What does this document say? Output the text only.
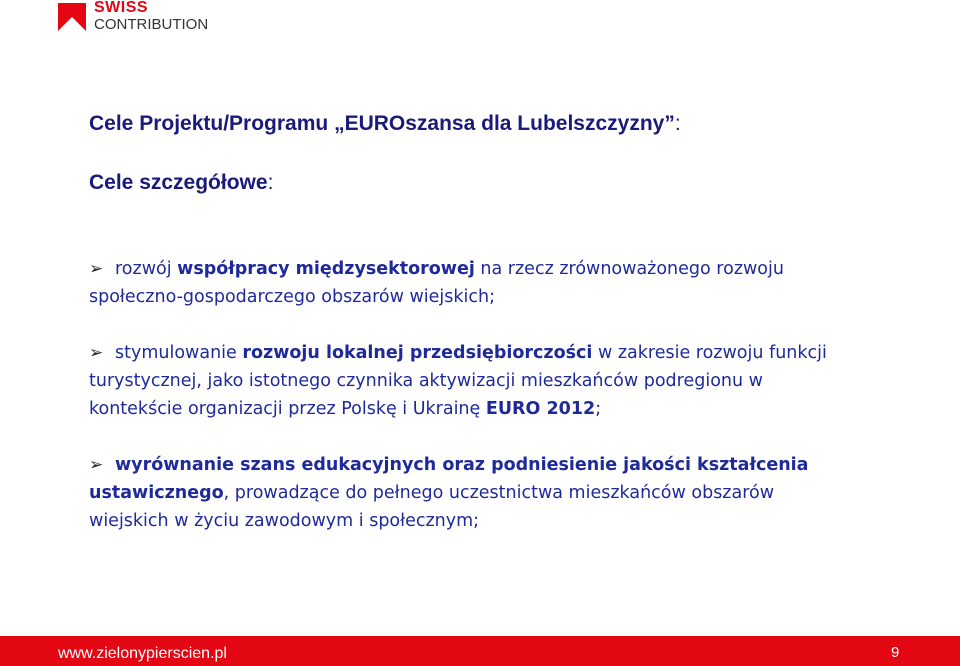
SWISS
CONTRIBUTION
Cele Projektu/Programu „EUROszansa dla Lubelszczyzny”:
Cele szczegółowe:
➢ rozwój współpracy międzysektorowej na rzecz zrównoważonego rozwoju społeczno-gospodarczego obszarów wiejskich;
➢ stymulowanie rozwoju lokalnej przedsiębiorczości w zakresie rozwoju funkcji turystycznej, jako istotnego czynnika aktywizacji mieszkańców podregionu w kontekście organizacji przez Polskę i Ukrainę EURO 2012;
➢ wyrównanie szans edukacyjnych oraz podniesienie jakości kształcenia ustawicznego, prowadzące do pełnego uczestnictwa mieszkańców obszarów wiejskich w życiu zawodowym i społecznym;
www.zielonypierscien.pl	9
